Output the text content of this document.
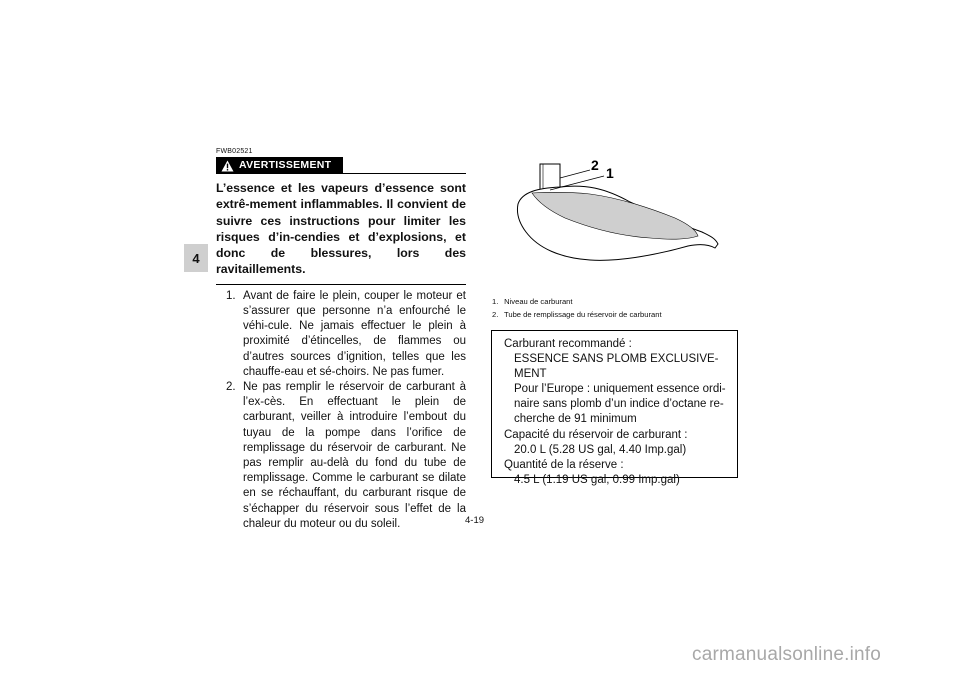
4
FWB02521
AVERTISSEMENT
L’essence et les vapeurs d’essence sont extrê-mement inflammables. Il convient de suivre ces instructions pour limiter les risques d’in-cendies et d’explosions, et donc de blessures, lors des ravitaillements.
1. Avant de faire le plein, couper le moteur et s’assurer que personne n’a enfourché le véhi-cule. Ne jamais effectuer le plein à proximité d’étincelles, de flammes ou d’autres sources d’ignition, telles que les chauffe-eau et sé-choirs. Ne pas fumer.
2. Ne pas remplir le réservoir de carburant à l’ex-cès. En effectuant le plein de carburant, veiller à introduire l’embout du tuyau de la pompe dans l’orifice de remplissage du réservoir de carburant. Ne pas remplir au-delà du fond du tube de remplissage. Comme le carburant se dilate en se réchauffant, du carburant risque de s’échapper du réservoir sous l’effet de la chaleur du moteur ou du soleil.
2 1
1. Niveau de carburant
2. Tube de remplissage du réservoir de carburant
Carburant recommandé :
ESSENCE SANS PLOMB EXCLUSIVE-
MENT
Pour l’Europe : uniquement essence ordi-
naire sans plomb d’un indice d’octane re-
cherche de 91 minimum
Capacité du réservoir de carburant :
20.0 L (5.28 US gal, 4.40 Imp.gal)
Quantité de la réserve :
4.5 L (1.19 US gal, 0.99 Imp.gal)
4-19
carmanualsonline.info
